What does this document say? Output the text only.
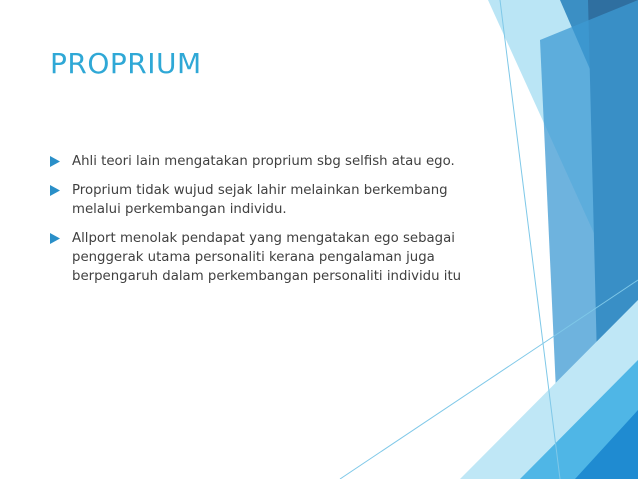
PROPRIUM
Ahli teori lain mengatakan proprium sbg selfish atau ego.
Proprium tidak wujud sejak lahir melainkan berkembang melalui perkembangan individu.
Allport menolak pendapat yang mengatakan ego sebagai penggerak utama personaliti kerana pengalaman juga berpengaruh dalam perkembangan personaliti individu itu
